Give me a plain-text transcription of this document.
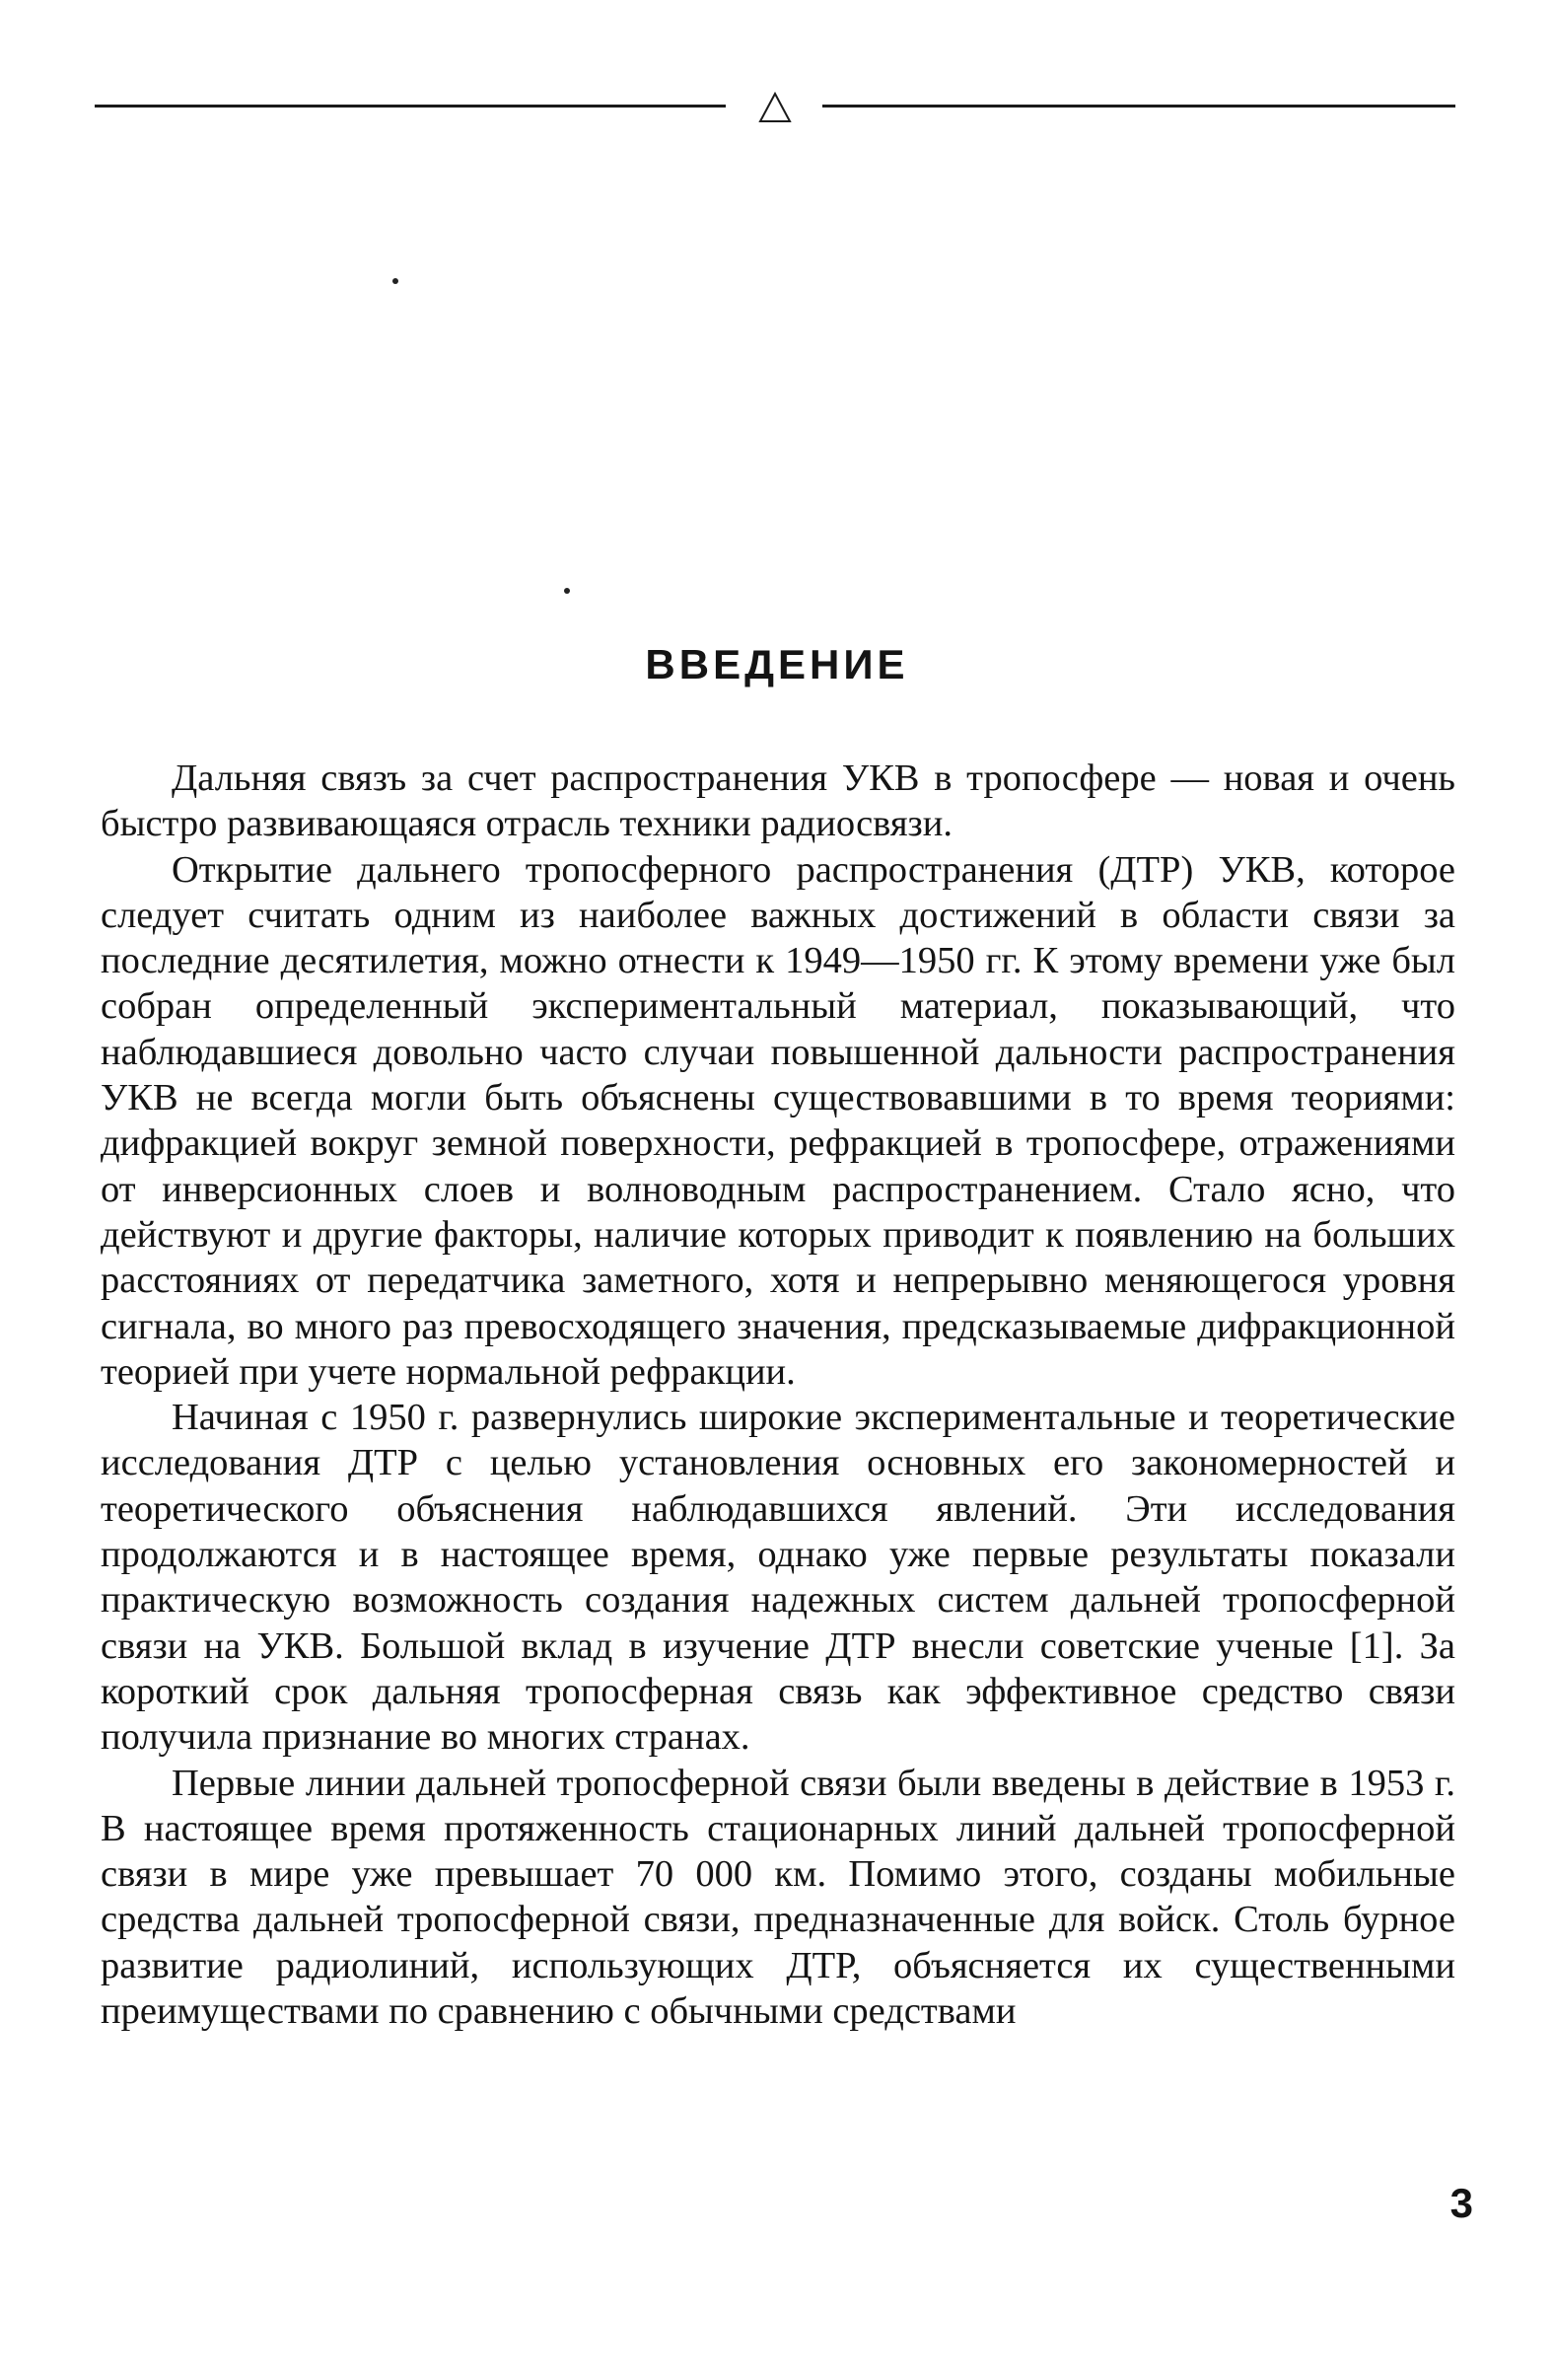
ВВЕДЕНИЕ

Дальняя связъ за счет распространения УКВ в тропосфере — новая и очень быстро развивающаяся отрасль техники радиосвязи.

Открытие дальнего тропосферного распространения (ДТР) УКВ, которое следует считать одним из наиболее важных достижений в области связи за последние десятилетия, можно отнести к 1949—1950 гг. К этому времени уже был собран определенный экспериментальный материал, показывающий, что наблюдавшиеся довольно часто случаи повышенной дальности распространения УКВ не всегда могли быть объяснены существовавшими в то время теориями: дифракцией вокруг земной поверхности, рефракцией в тропосфере, отражениями от инверсионных слоев и волноводным распространением. Стало ясно, что действуют и другие факторы, наличие которых приводит к появлению на больших расстояниях от передатчика заметного, хотя и непрерывно меняющегося уровня сигнала, во много раз превосходящего значения, предсказываемые дифракционной теорией при учете нормальной рефракции.

Начиная с 1950 г. развернулись широкие экспериментальные и теоретические исследования ДТР с целью установления основных его закономерностей и теоретического объяснения наблюдавшихся явлений. Эти исследования продолжаются и в настоящее время, однако уже первые результаты показали практическую возможность создания надежных систем дальней тропосферной связи на УКВ. Большой вклад в изучение ДТР внесли советские ученые [1]. За короткий срок дальняя тропосферная связь как эффективное средство связи получила признание во многих странах.

Первые линии дальней тропосферной связи были введены в действие в 1953 г. В настоящее время протяженность стационарных линий дальней тропосферной связи в мире уже превышает 70 000 км. Помимо этого, созданы мобильные средства дальней тропосферной связи, предназначенные для войск. Столь бурное развитие радиолиний, использующих ДТР, объясняется их существенными преимуществами по сравнению с обычными средствами

3
